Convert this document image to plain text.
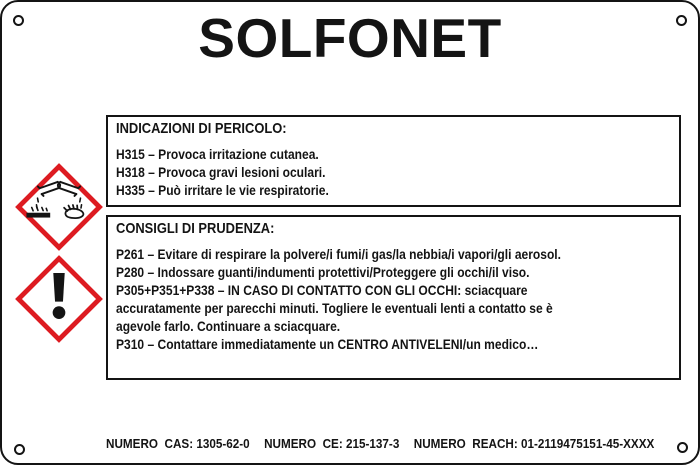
SOLFONET
INDICAZIONI DI PERICOLO:
H315 – Provoca irritazione cutanea.
H318 – Provoca gravi lesioni oculari.
H335 – Può irritare le vie respiratorie.
CONSIGLI DI PRUDENZA:
P261 – Evitare di respirare la polvere/i fumi/i gas/la nebbia/i vapori/gli aerosol.
P280 – Indossare guanti/indumenti protettivi/Proteggere gli occhi/il viso.
P305+P351+P338 – IN CASO DI CONTATTO CON GLI OCCHI: sciacquare
accuratamente per parecchi minuti. Togliere le eventuali lenti a contatto se è
agevole farlo. Continuare a sciacquare.
P310 – Contattare immediatamente un CENTRO ANTIVELENI/un medico…
NUMERO  CAS: 1305-62-0 NUMERO  CE: 215-137-3 NUMERO  REACH: 01-2119475151-45-XXXX
